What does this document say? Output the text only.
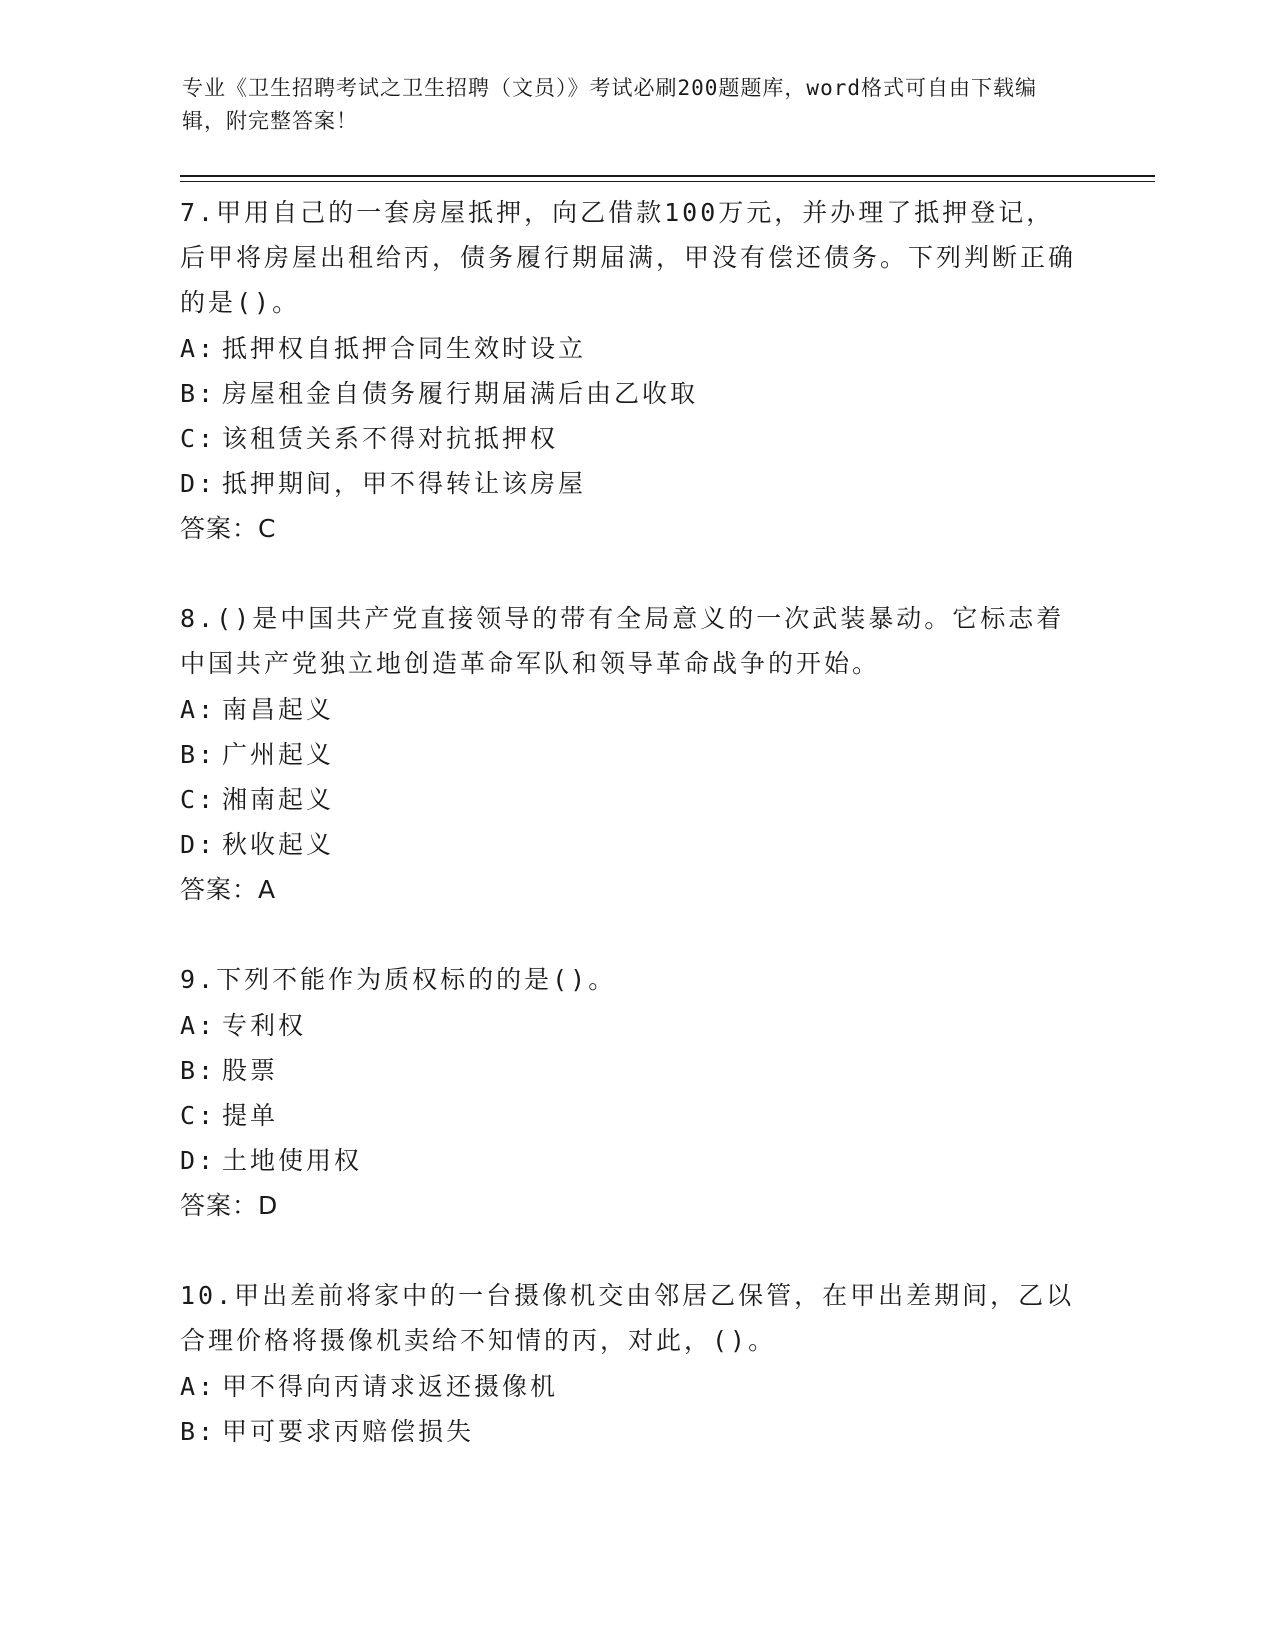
专业《卫生招聘考试之卫生招聘（文员）》考试必刷200题题库，word格式可自由下载编辑，附完整答案！

7.甲用自己的一套房屋抵押，向乙借款100万元，并办理了抵押登记，后甲将房屋出租给丙，债务履行期届满，甲没有偿还债务。下列判断正确的是()。

A: 抵押权自抵押合同生效时设立

B: 房屋租金自债务履行期届满后由乙收取

C: 该租赁关系不得对抗抵押权

D: 抵押期间，甲不得转让该房屋

答案：C

8.()是中国共产党直接领导的带有全局意义的一次武装暴动。它标志着中国共产党独立地创造革命军队和领导革命战争的开始。

A: 南昌起义

B: 广州起义

C: 湘南起义

D: 秋收起义

答案：A

9.下列不能作为质权标的的是()。

A: 专利权

B: 股票

C: 提单

D: 土地使用权

答案：D

10.甲出差前将家中的一台摄像机交由邻居乙保管，在甲出差期间，乙以合理价格将摄像机卖给不知情的丙，对此，()。

A: 甲不得向丙请求返还摄像机

B: 甲可要求丙赔偿损失
